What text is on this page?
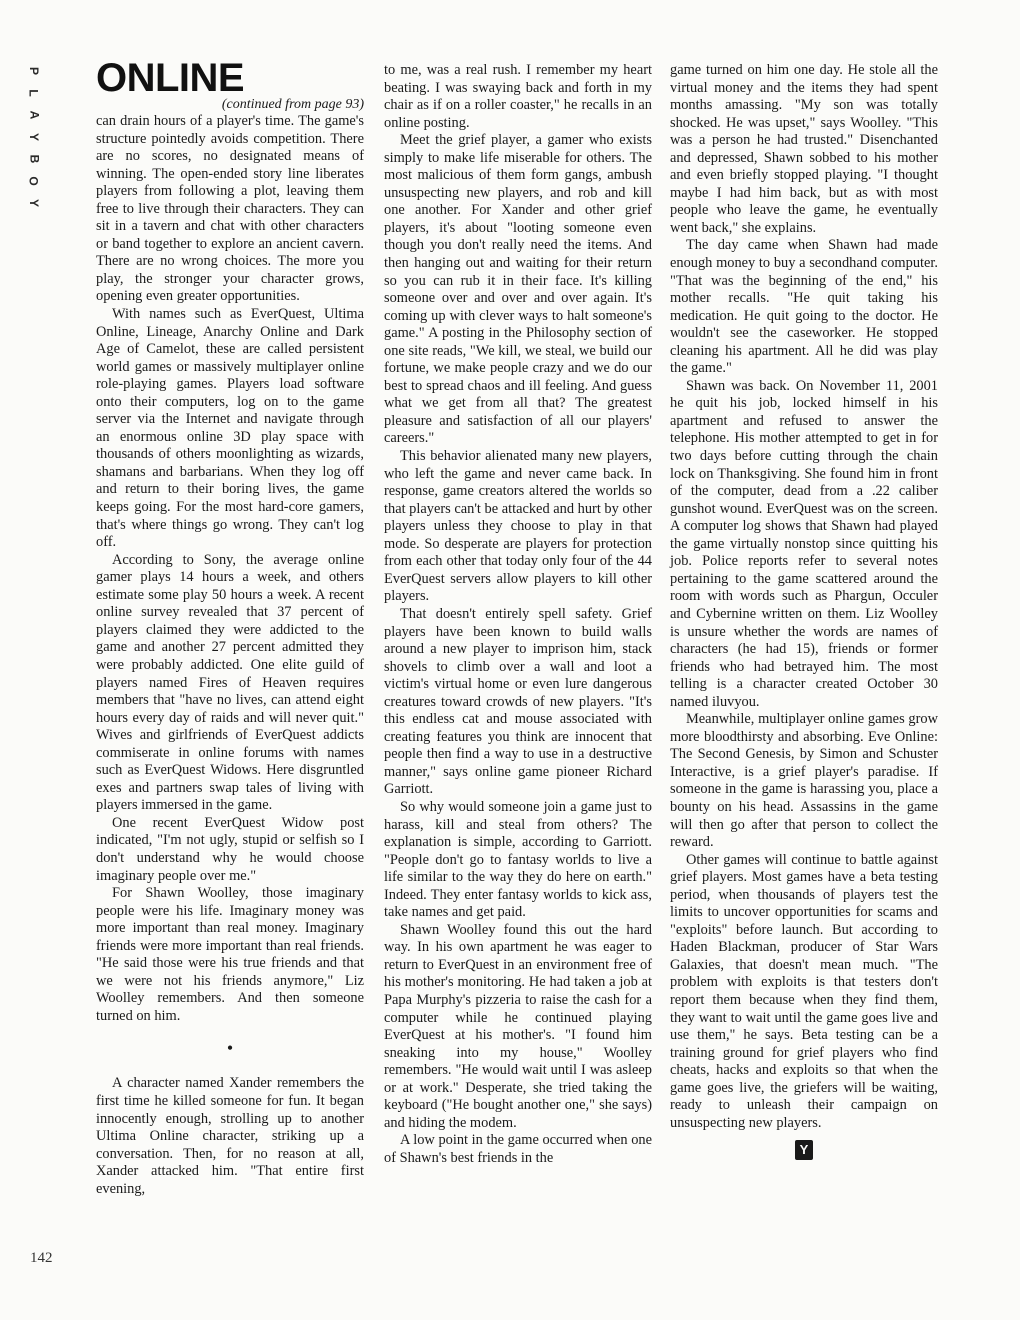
P
L
A
Y
B
O
Y
142
ONLINE

(continued from page 93)

can drain hours of a player's time. The game's structure pointedly avoids competition. There are no scores, no designated means of winning. The open-ended story line liberates players from following a plot, leaving them free to live through their characters. They can sit in a tavern and chat with other characters or band together to explore an ancient cavern. There are no wrong choices. The more you play, the stronger your character grows, opening even greater opportunities.

With names such as EverQuest, Ultima Online, Lineage, Anarchy Online and Dark Age of Camelot, these are called persistent world games or massively multiplayer online role-playing games. Players load software onto their computers, log on to the game server via the Internet and navigate through an enormous online 3D play space with thousands of others moonlighting as wizards, shamans and barbarians. When they log off and return to their boring lives, the game keeps going. For the most hard-core gamers, that's where things go wrong. They can't log off.

According to Sony, the average online gamer plays 14 hours a week, and others estimate some play 50 hours a week. A recent online survey revealed that 37 percent of players claimed they were addicted to the game and another 27 percent admitted they were probably addicted. One elite guild of players named Fires of Heaven requires members that "have no lives, can attend eight hours every day of raids and will never quit." Wives and girlfriends of EverQuest addicts commiserate in online forums with names such as EverQuest Widows. Here disgruntled exes and partners swap tales of living with players immersed in the game.

One recent EverQuest Widow post indicated, "I'm not ugly, stupid or selfish so I don't understand why he would choose imaginary people over me."

For Shawn Woolley, those imaginary people were his life. Imaginary money was more important than real money. Imaginary friends were more important than real friends. "He said those were his true friends and that we were not his friends anymore," Liz Woolley remembers. And then someone turned on him.

•

A character named Xander remembers the first time he killed someone for fun. It began innocently enough, strolling up to another Ultima Online character, striking up a conversation. Then, for no reason at all, Xander attacked him. "That entire first evening,

to me, was a real rush. I remember my heart beating. I was swaying back and forth in my chair as if on a roller coaster," he recalls in an online posting.

Meet the grief player, a gamer who exists simply to make life miserable for others. The most malicious of them form gangs, ambush unsuspecting new players, and rob and kill one another. For Xander and other grief players, it's about "looting someone even though you don't really need the items. And then hanging out and waiting for their return so you can rub it in their face. It's killing someone over and over and over again. It's coming up with clever ways to halt someone's game." A posting in the Philosophy section of one site reads, "We kill, we steal, we build our fortune, we make people crazy and we do our best to spread chaos and ill feeling. And guess what we get from all that? The greatest pleasure and satisfaction of all our players' careers."

This behavior alienated many new players, who left the game and never came back. In response, game creators altered the worlds so that players can't be attacked and hurt by other players unless they choose to play in that mode. So desperate are players for protection from each other that today only four of the 44 EverQuest servers allow players to kill other players.

That doesn't entirely spell safety. Grief players have been known to build walls around a new player to imprison him, stack shovels to climb over a wall and loot a victim's virtual home or even lure dangerous creatures toward crowds of new players. "It's this endless cat and mouse associated with creating features you think are innocent that people then find a way to use in a destructive manner," says online game pioneer Richard Garriott.

So why would someone join a game just to harass, kill and steal from others? The explanation is simple, according to Garriott. "People don't go to fantasy worlds to live a life similar to the way they do here on earth." Indeed. They enter fantasy worlds to kick ass, take names and get paid.

Shawn Woolley found this out the hard way. In his own apartment he was eager to return to EverQuest in an environment free of his mother's monitoring. He had taken a job at Papa Murphy's pizzeria to raise the cash for a computer while he continued playing EverQuest at his mother's. "I found him sneaking into my house," Woolley remembers. "He would wait until I was asleep or at work." Desperate, she tried taking the keyboard ("He bought another one," she says) and hiding the modem.

A low point in the game occurred when one of Shawn's best friends in the

game turned on him one day. He stole all the virtual money and the items they had spent months amassing. "My son was totally shocked. He was upset," says Woolley. "This was a person he had trusted." Disenchanted and depressed, Shawn sobbed to his mother and even briefly stopped playing. "I thought maybe I had him back, but as with most people who leave the game, he eventually went back," she explains.

The day came when Shawn had made enough money to buy a secondhand computer. "That was the beginning of the end," his mother recalls. "He quit taking his medication. He quit going to the doctor. He wouldn't see the caseworker. He stopped cleaning his apartment. All he did was play the game."

Shawn was back. On November 11, 2001 he quit his job, locked himself in his apartment and refused to answer the telephone. His mother attempted to get in for two days before cutting through the chain lock on Thanksgiving. She found him in front of the computer, dead from a .22 caliber gunshot wound. EverQuest was on the screen. A computer log shows that Shawn had played the game virtually nonstop since quitting his job. Police reports refer to several notes pertaining to the game scattered around the room with words such as Phargun, Occuler and Cybernine written on them. Liz Woolley is unsure whether the words are names of characters (he had 15), friends or former friends who had betrayed him. The most telling is a character created October 30 named iluvyou.

Meanwhile, multiplayer online games grow more bloodthirsty and absorbing. Eve Online: The Second Genesis, by Simon and Schuster Interactive, is a grief player's paradise. If someone in the game is harassing you, place a bounty on his head. Assassins in the game will then go after that person to collect the reward.

Other games will continue to battle against grief players. Most games have a beta testing period, when thousands of players test the limits to uncover opportunities for scams and "exploits" before launch. But according to Haden Blackman, producer of Star Wars Galaxies, that doesn't mean much. "The problem with exploits is that testers don't report them because when they find them, they want to wait until the game goes live and use them," he says. Beta testing can be a training ground for grief players who find cheats, hacks and exploits so that when the game goes live, the griefers will be waiting, ready to unleash their campaign on unsuspecting new players.

Y
